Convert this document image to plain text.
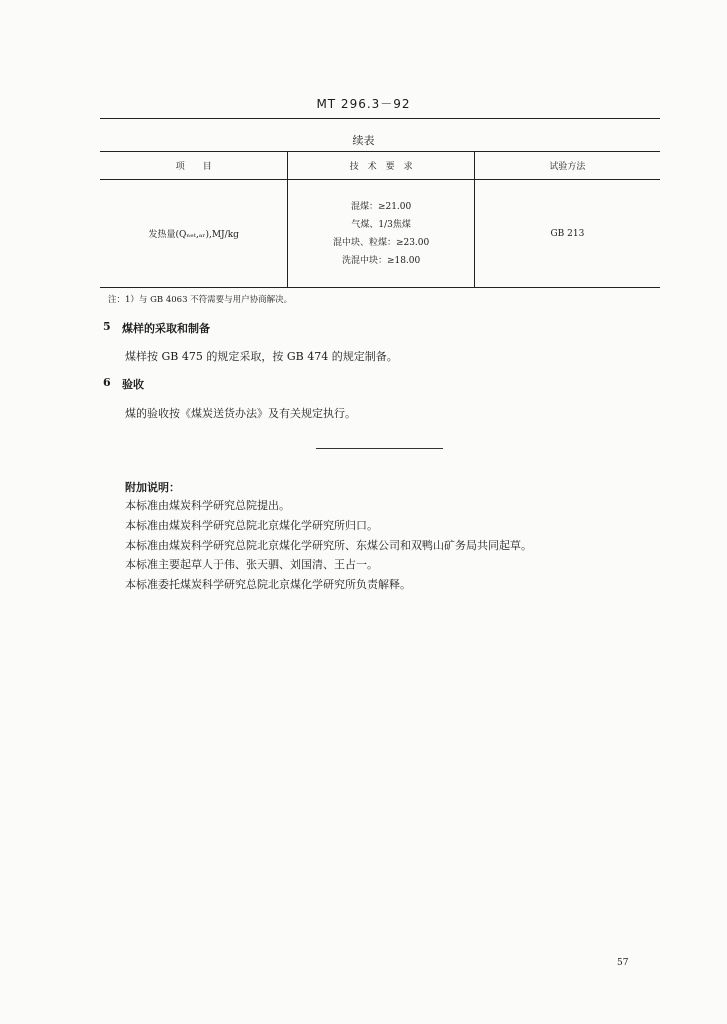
MT 296.3－92
续表
项　　目	技　术　要　求	试验方法
发热量(Qₙₑₜ,ₐᵣ),MJ/kg	混煤：≥21.00
气煤、1/3焦煤
混中块、粒煤：≥23.00
洗混中块：≥18.00	GB 213
注：1）与 GB 4063 不符需要与用户协商解决。
5 煤样的采取和制备
煤样按 GB 475 的规定采取，按 GB 474 的规定制备。
6 验收
煤的验收按《煤炭送货办法》及有关规定执行。
附加说明：
本标准由煤炭科学研究总院提出。
本标准由煤炭科学研究总院北京煤化学研究所归口。
本标准由煤炭科学研究总院北京煤化学研究所、东煤公司和双鸭山矿务局共同起草。
本标准主要起草人于伟、张天驷、刘国清、王占一。
本标准委托煤炭科学研究总院北京煤化学研究所负责解释。
57
